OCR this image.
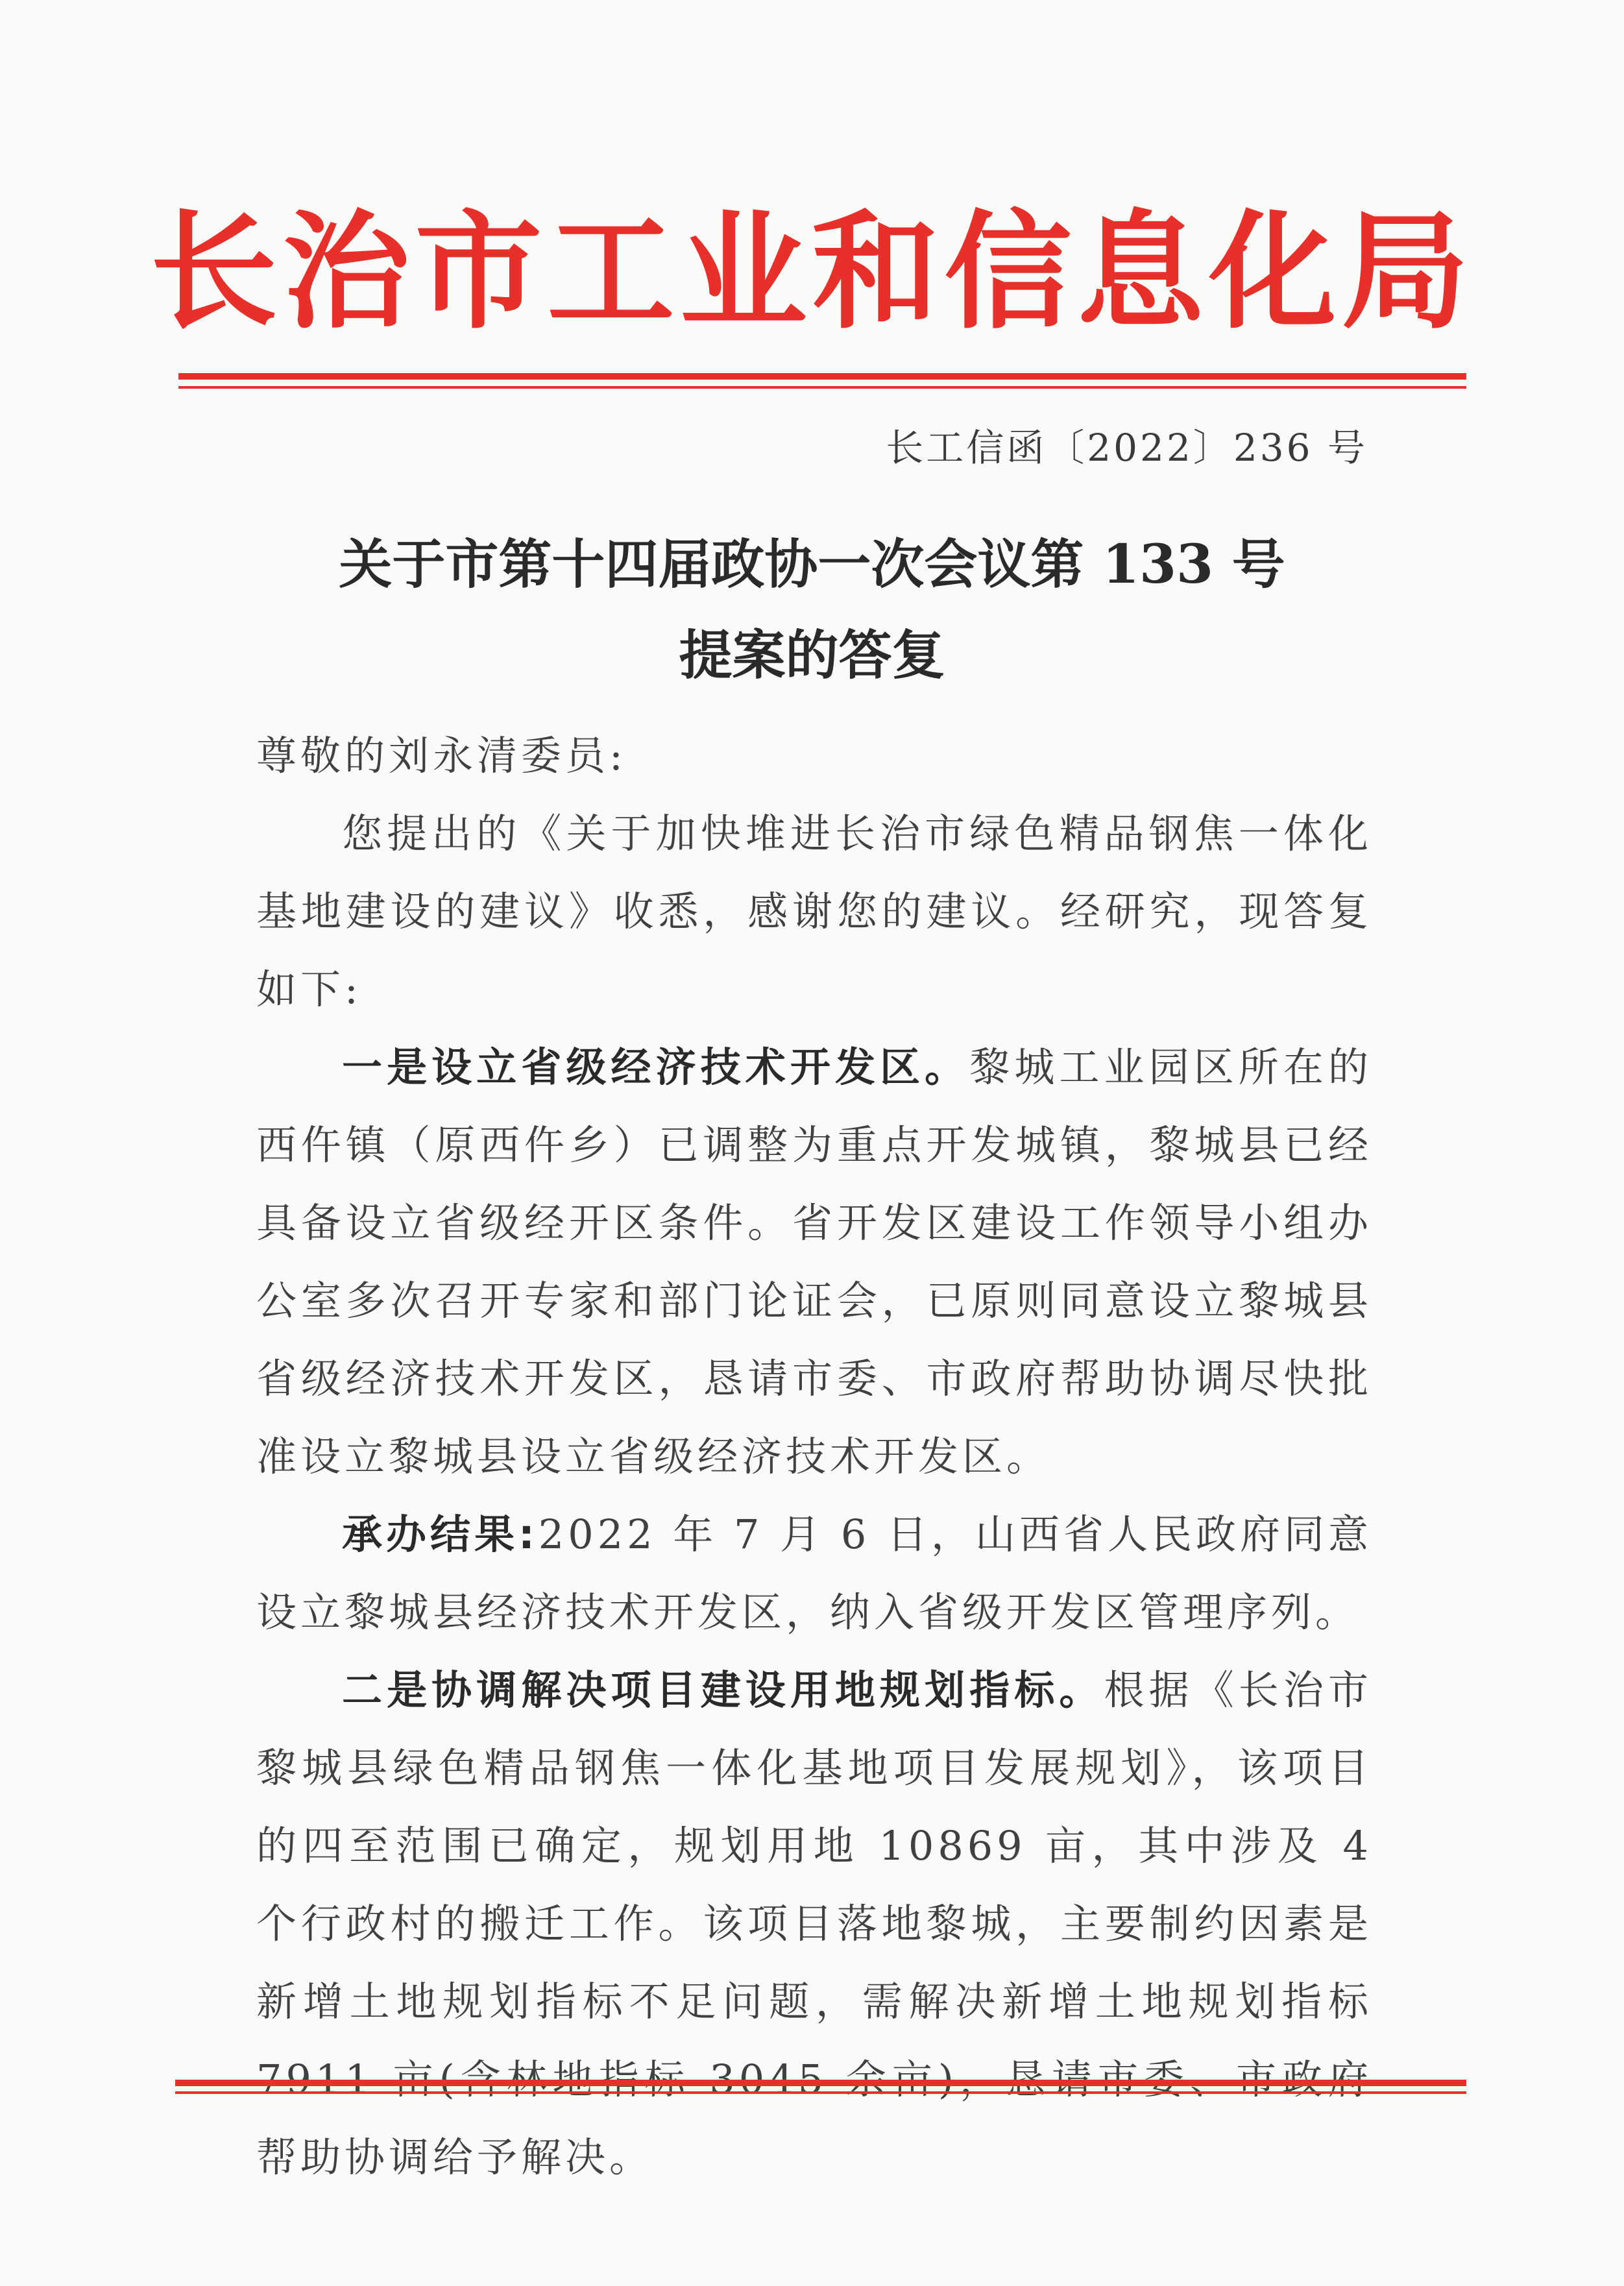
长治市工业和信息化局
长工信函〔2022〕236 号
关于市第十四届政协一次会议第 133 号
提案的答复

尊敬的刘永清委员:

您提出的《关于加快堆进长治市绿色精品钢焦一体化基地建设的建议》收悉，感谢您的建议。经研究，现答复如下:

一是设立省级经济技术开发区。黎城工业园区所在的西仵镇（原西仵乡）已调整为重点开发城镇，黎城县已经具备设立省级经开区条件。省开发区建设工作领导小组办公室多次召开专家和部门论证会，已原则同意设立黎城县省级经济技术开发区，恳请市委、市政府帮助协调尽快批准设立黎城县设立省级经济技术开发区。

承办结果:2022 年 7 月 6 日，山西省人民政府同意设立黎城县经济技术开发区，纳入省级开发区管理序列。

二是协调解决项目建设用地规划指标。根据《长治市黎城县绿色精品钢焦一体化基地项目发展规划》，该项目的四至范围已确定，规划用地 10869 亩，其中涉及 4 个行政村的搬迁工作。该项目落地黎城，主要制约因素是新增土地规划指标不足问题，需解决新增土地规划指标 帮助协调给予解决。
